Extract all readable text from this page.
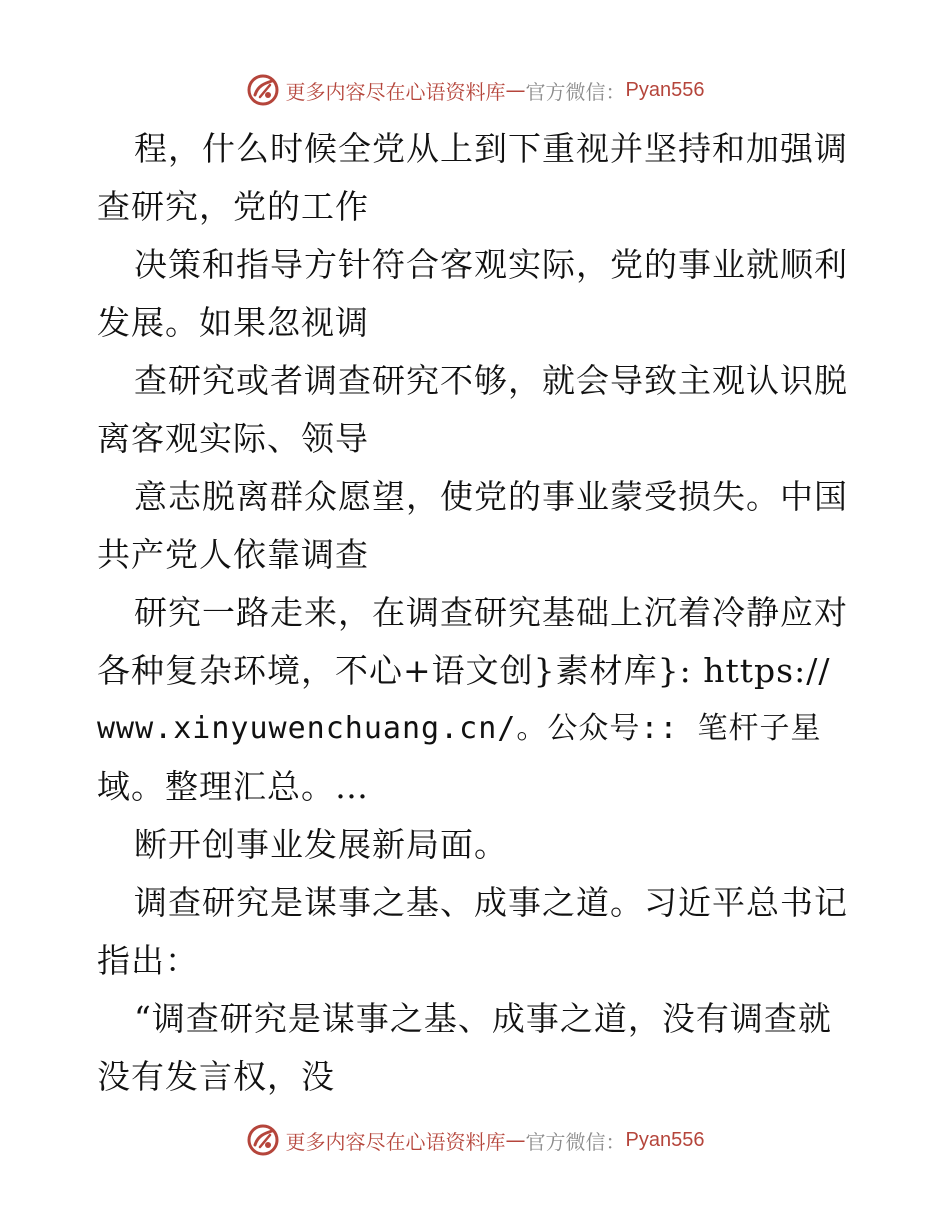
更多内容尽在心语资料库 — 官方微信： Pyan556
程，什么时候全党从上到下重视并坚持和加强调
查研究，党的工作
决策和指导方针符合客观实际，党的事业就顺利
发展。如果忽视调
查研究或者调查研究不够，就会导致主观认识脱
离客观实际、领导
意志脱离群众愿望，使党的事业蒙受损失。中国
共产党人依靠调查
研究一路走来，在调查研究基础上沉着冷静应对
各种复杂环境，不心+语文创}素材库}: https://
www.xinyuwenchuang.cn/。公众号:: 笔杆子星
域。整理汇总。…
断开创事业发展新局面。
调查研究是谋事之基、成事之道。习近平总书记
指出：
“调查研究是谋事之基、成事之道，没有调查就
没有发言权，没
更多内容尽在心语资料库 — 官方微信： Pyan556
